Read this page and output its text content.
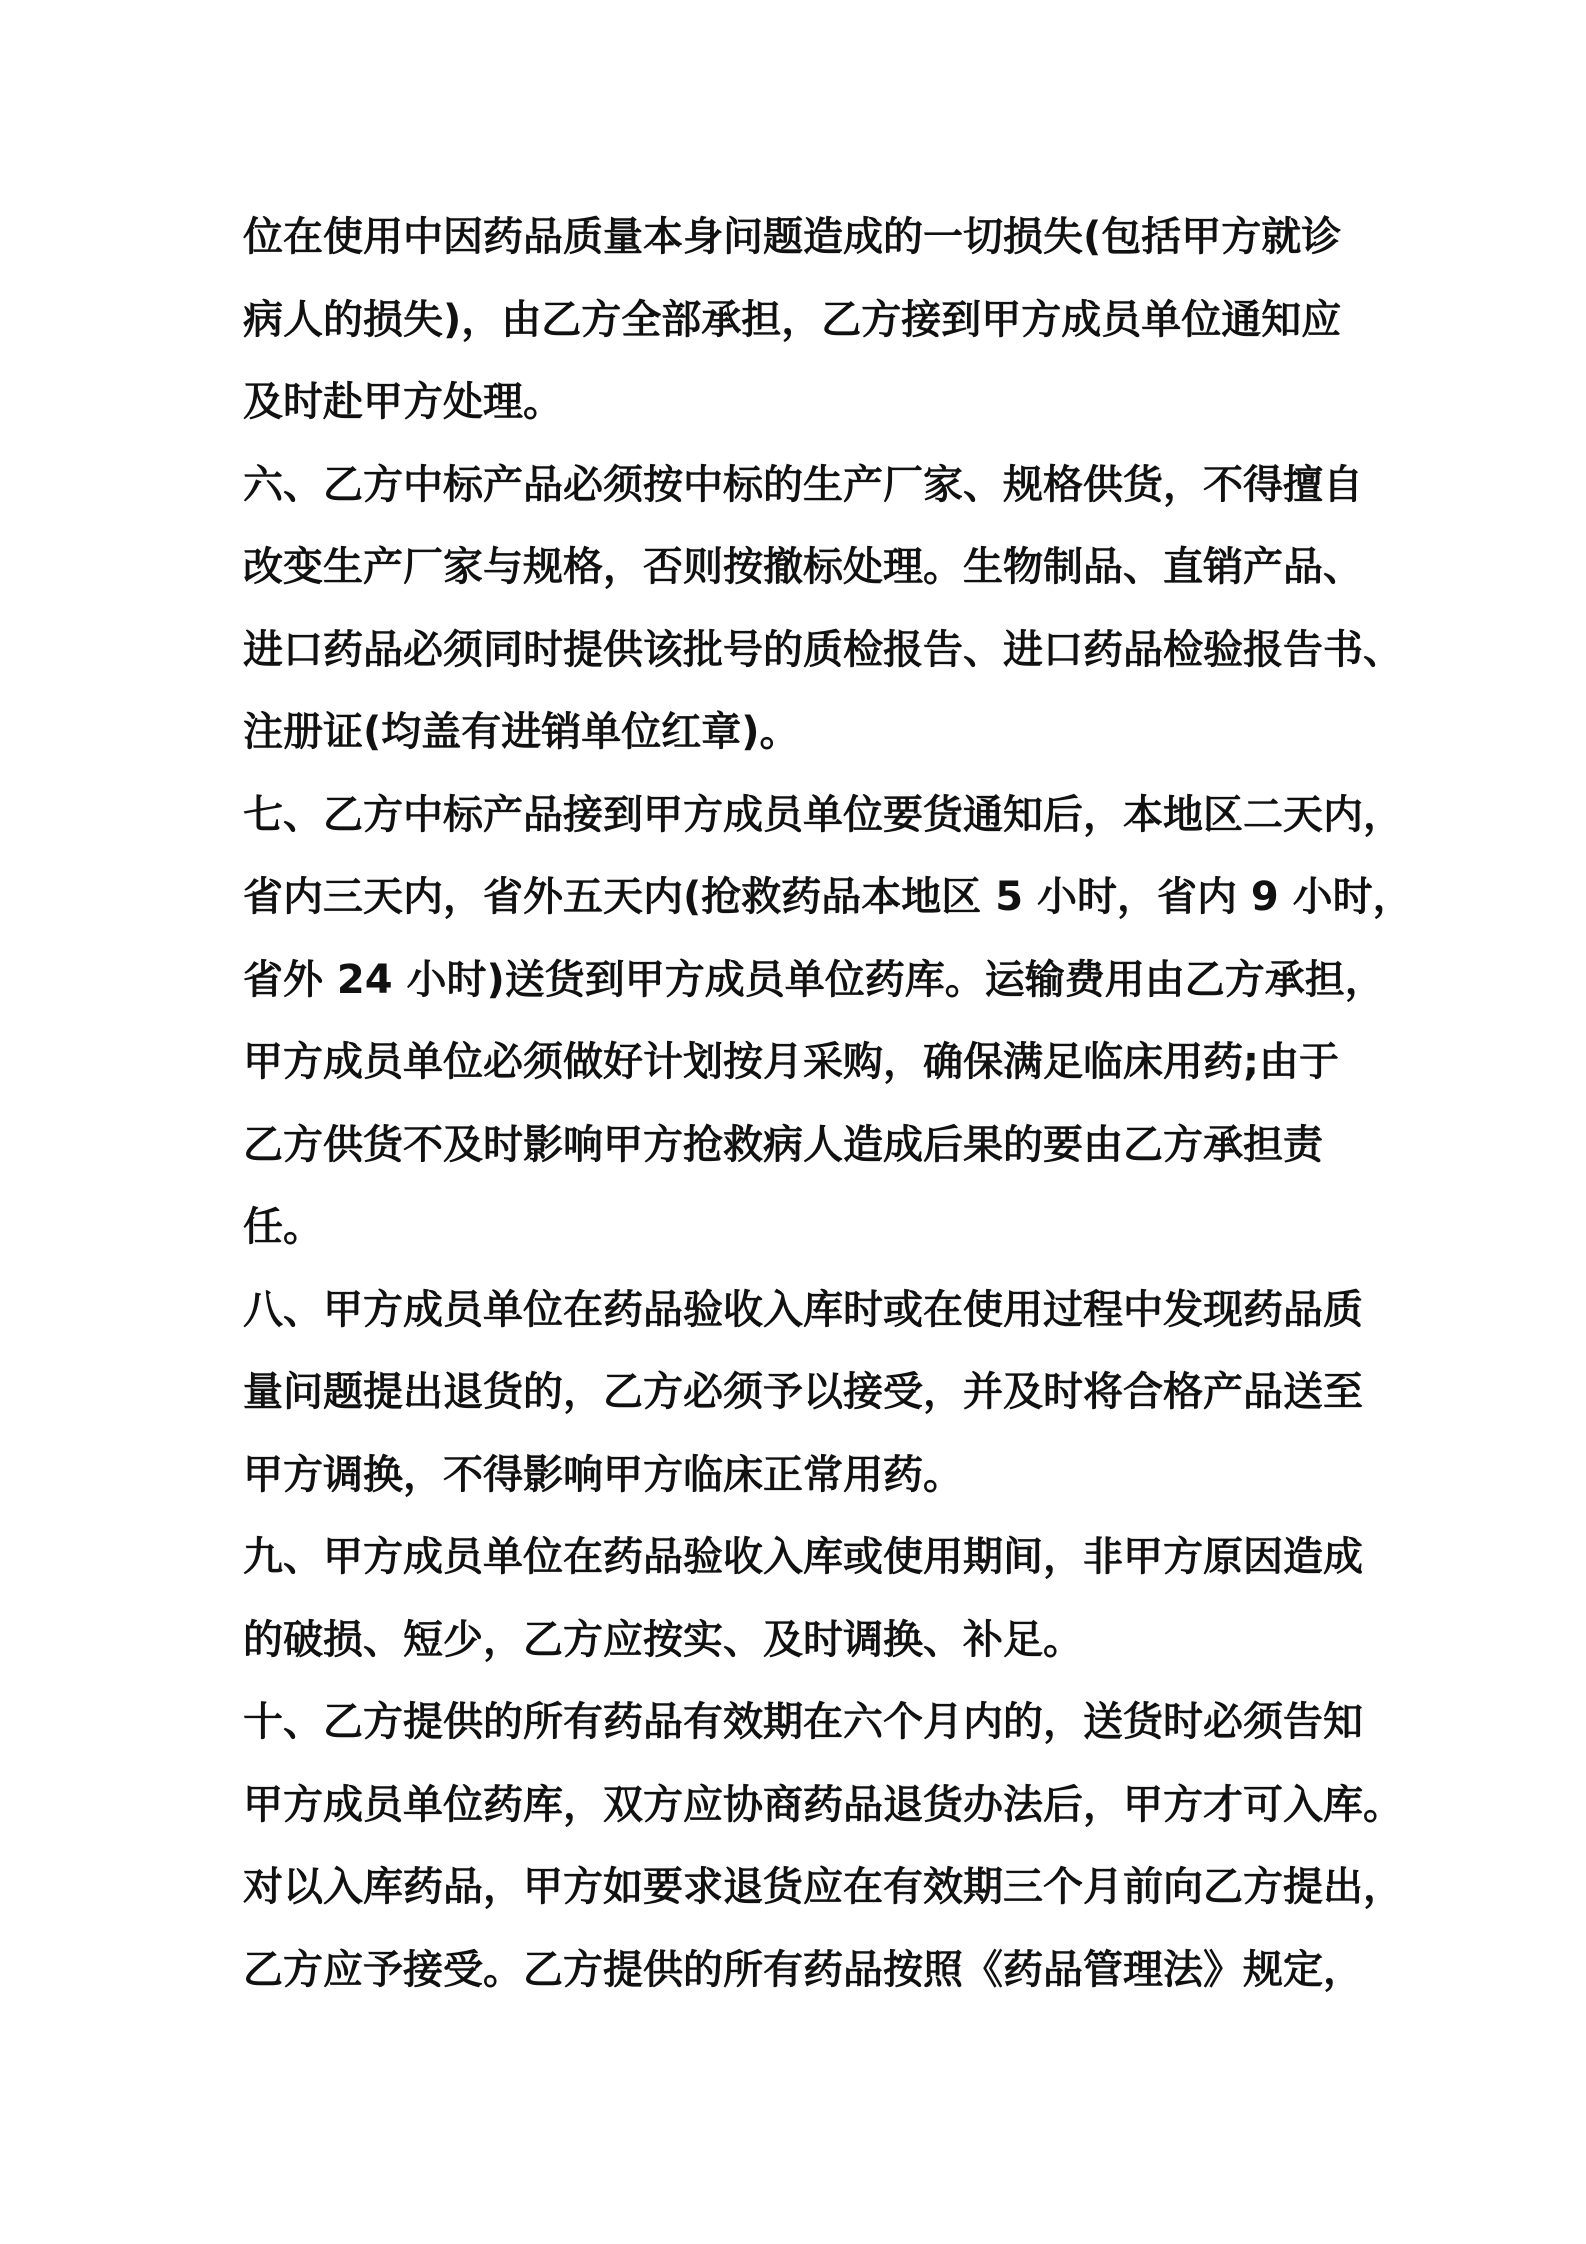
位在使用中因药品质量本身问题造成的一切损失(包括甲方就诊
病人的损失)，由乙方全部承担，乙方接到甲方成员单位通知应
及时赴甲方处理。
六、乙方中标产品必须按中标的生产厂家、规格供货，不得擅自
改变生产厂家与规格，否则按撤标处理。生物制品、直销产品、
进口药品必须同时提供该批号的质检报告、进口药品检验报告书、
注册证(均盖有进销单位红章)。
七、乙方中标产品接到甲方成员单位要货通知后，本地区二天内，
省内三天内，省外五天内(抢救药品本地区 5 小时，省内 9 小时，
省外 24 小时)送货到甲方成员单位药库。运输费用由乙方承担，
甲方成员单位必须做好计划按月采购，确保满足临床用药;由于
乙方供货不及时影响甲方抢救病人造成后果的要由乙方承担责
任。
八、甲方成员单位在药品验收入库时或在使用过程中发现药品质
量问题提出退货的，乙方必须予以接受，并及时将合格产品送至
甲方调换，不得影响甲方临床正常用药。
九、甲方成员单位在药品验收入库或使用期间，非甲方原因造成
的破损、短少，乙方应按实、及时调换、补足。
十、乙方提供的所有药品有效期在六个月内的，送货时必须告知
甲方成员单位药库，双方应协商药品退货办法后，甲方才可入库。
对以入库药品，甲方如要求退货应在有效期三个月前向乙方提出，
乙方应予接受。乙方提供的所有药品按照《药品管理法》规定，
